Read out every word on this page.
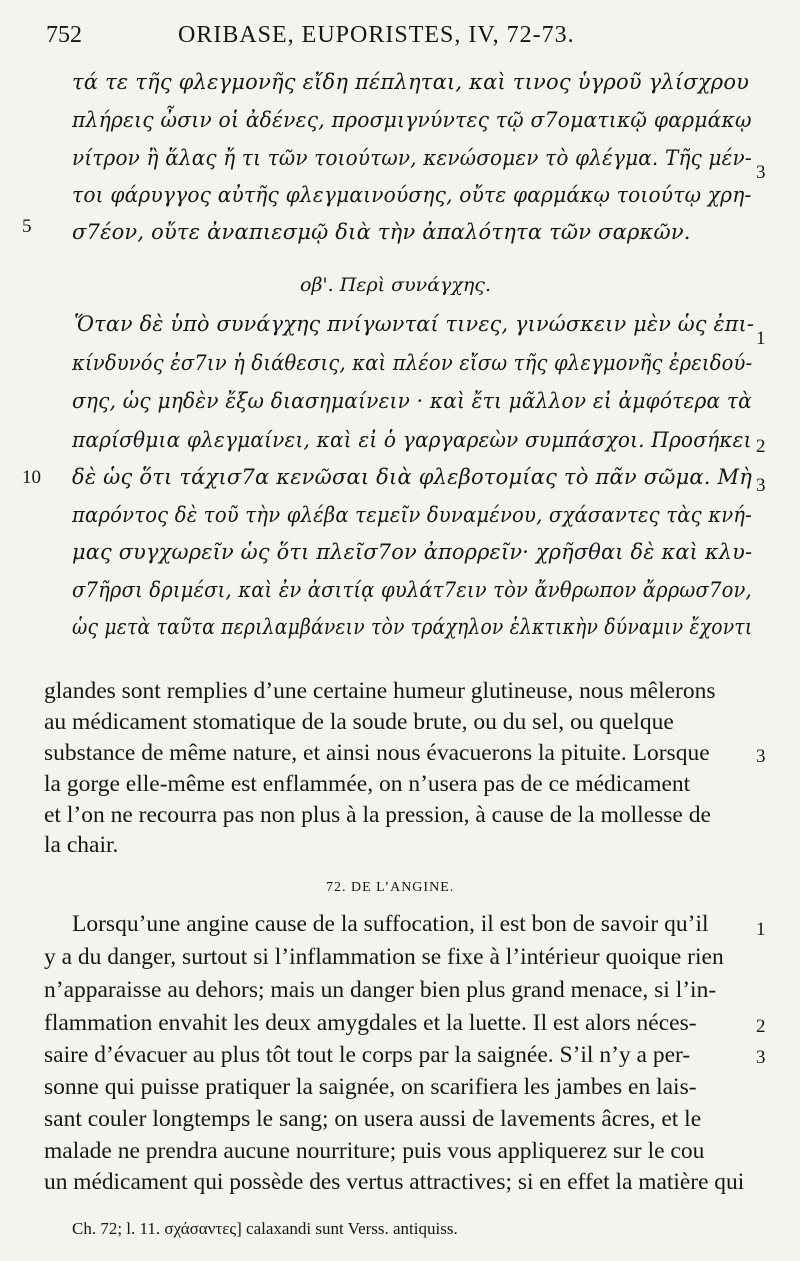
752	ORIBASE, EUPORISTES, IV, 72-73.
τά τε τῆς φλεγμονῆς εἴδη πέπληται, καὶ τινος ὑγροῦ γλίσχρου
πλήρεις ὦσιν οἱ ἀδένες, προσμιγνύντες τῷ σ7οματικῷ φαρμάκῳ
νίτρον ἢ ἅλας ἤ τι τῶν τοιούτων, κενώσομεν τὸ φλέγμα. Τῆς μέν-
τοι φάρυγγος αὐτῆς φλεγμαινούσης, οὔτε φαρμάκῳ τοιούτῳ χρη-
σ7έον, οὔτε ἀναπιεσμῷ διὰ τὴν ἀπαλότητα τῶν σαρκῶν.
3
5
οβ'. Περὶ συνάγχης.
Ὅταν δὲ ὑπὸ συνάγχης πνίγωνταί τινες, γινώσκειν μὲν ὡς ἐπι-
κίνδυνός ἐσ7ιν ἡ διάθεσις, καὶ πλέον εἴσω τῆς φλεγμονῆς ἐρειδού-
σης, ὡς μηδὲν ἔξω διασημαίνειν · καὶ ἔτι μᾶλλον εἰ ἀμφότερα τὰ
παρίσθμια φλεγμαίνει, καὶ εἰ ὁ γαργαρεὼν συμπάσχοι. Προσήκει
δὲ ὡς ὅτι τάχισ7α κενῶσαι διὰ φλεβοτομίας τὸ πᾶν σῶμα. Μὴ
παρόντος δὲ τοῦ τὴν φλέβα τεμεῖν δυναμένου, σχάσαντες τὰς κνή-
μας συγχωρεῖν ὡς ὅτι πλεῖσ7ον ἀπορρεῖν· χρῆσθαι δὲ καὶ κλυ-
σ7ῆρσι δριμέσι, καὶ ἐν ἀσιτίᾳ φυλάτ7ειν τὸν ἄνθρωπον ἄρρωσ7ον,
ὡς μετὰ ταῦτα περιλαμβάνειν τὸν τράχηλον ἑλκτικὴν δύναμιν ἔχοντι
1
2
10	3
glandes sont remplies d’une certaine humeur glutineuse, nous mêlerons
au médicament stomatique de la soude brute, ou du sel, ou quelque
substance de même nature, et ainsi nous évacuerons la pituite. Lorsque
la gorge elle-même est enflammée, on n’usera pas de ce médicament
et l’on ne recourra pas non plus à la pression, à cause de la mollesse de
la chair.
3
72. DE L’ANGINE.
Lorsqu’une angine cause de la suffocation, il est bon de savoir qu’il
y a du danger, surtout si l’inflammation se fixe à l’intérieur quoique rien
n’apparaisse au dehors; mais un danger bien plus grand menace, si l’in-
flammation envahit les deux amygdales et la luette. Il est alors néces-
saire d’évacuer au plus tôt tout le corps par la saignée. S’il n’y a per-
sonne qui puisse pratiquer la saignée, on scarifiera les jambes en lais-
sant couler longtemps le sang; on usera aussi de lavements âcres, et le
malade ne prendra aucune nourriture; puis vous appliquerez sur le cou
un médicament qui possède des vertus attractives; si en effet la matière qui
1
2
3
Ch. 72; l. 11. σχάσαντες] calaxandi sunt Verss. antiquiss.
